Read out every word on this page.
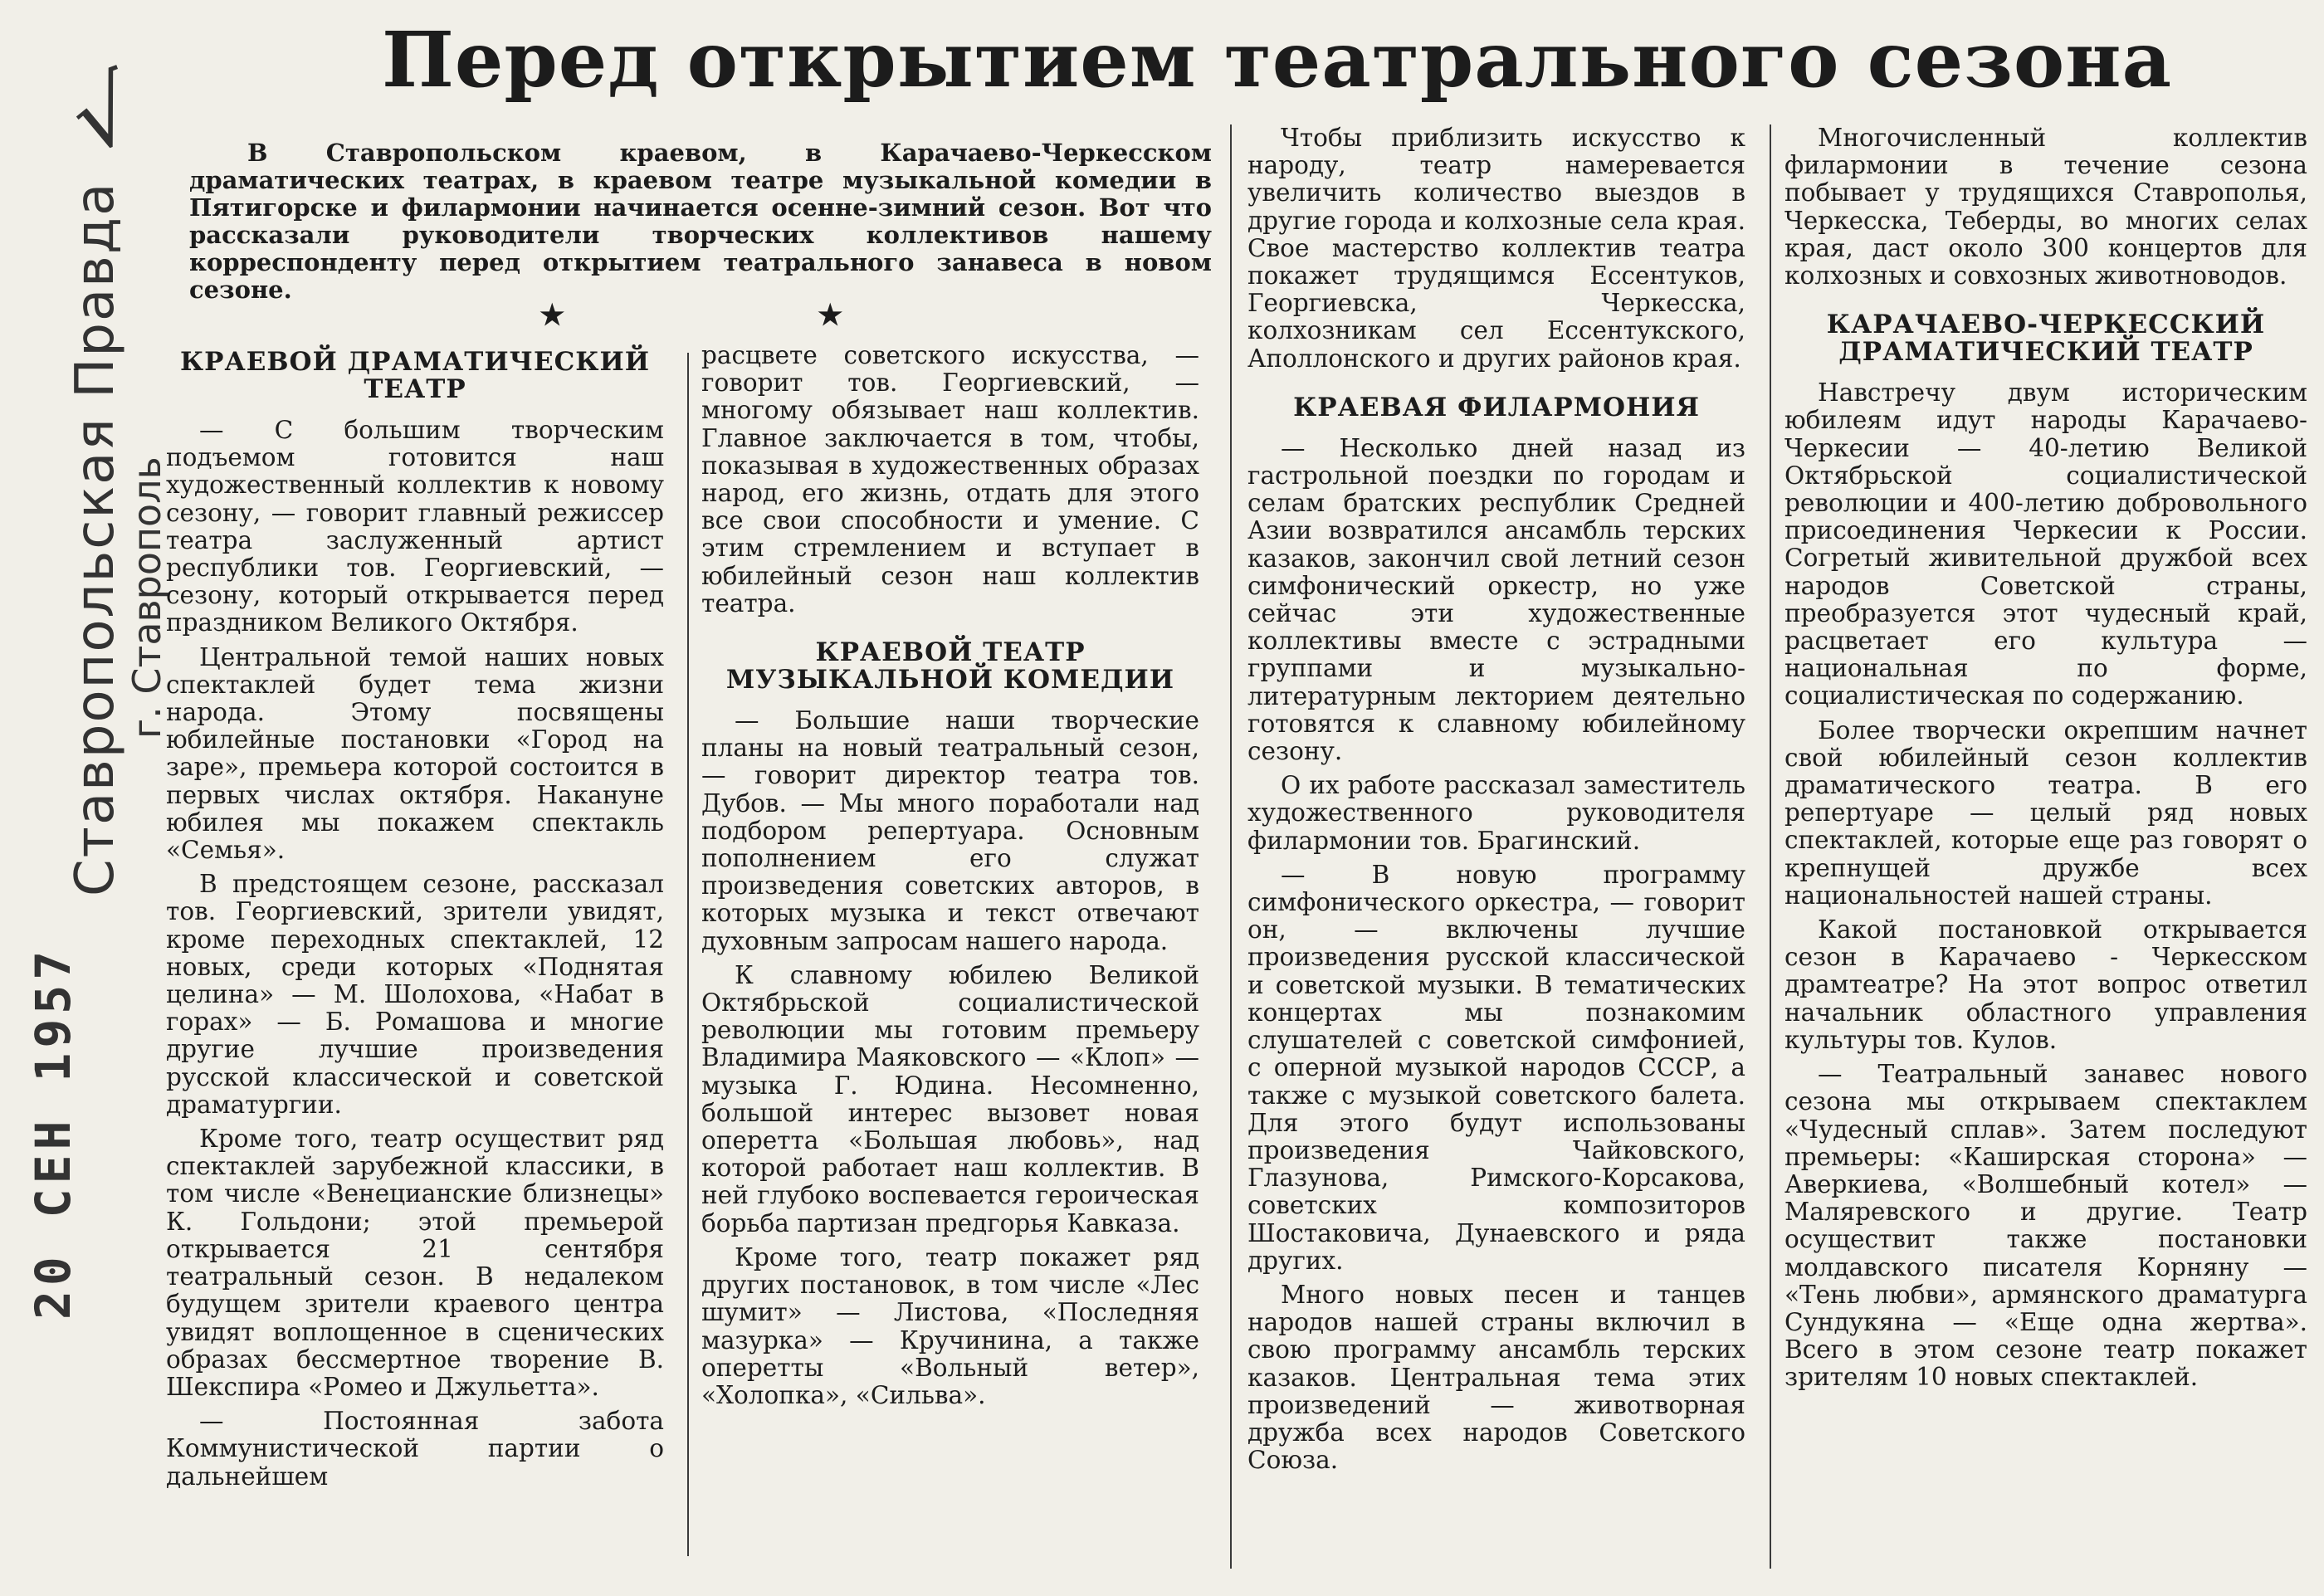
√
Ставропольская Правда
г. Ставрополь
20 СЕН 1957
Перед открытием театрального сезона
В Ставропольском краевом, в Карачаево-Черкесском драматических театрах, в краевом театре музыкальной комедии в Пятигорске и филармонии начинается осенне-зимний сезон. Вот что рассказали руководители творческих коллективов нашему корреспонденту перед открытием театрального занавеса в новом сезоне.
★	★
КРАЕВОЙ ДРАМАТИЧЕСКИЙ ТЕАТР

— С большим творческим подъемом готовится наш художественный коллектив к новому сезону, — говорит главный режиссер театра заслуженный артист республики тов. Георгиевский, — сезону, который открывается перед праздником Великого Октября.

Центральной темой наших новых спектаклей будет тема жизни народа. Этому посвящены юбилейные постановки «Город на заре», премьера которой состоится в первых числах октября. Накануне юбилея мы покажем спектакль «Семья».

В предстоящем сезоне, рассказал тов. Георгиевский, зрители увидят, кроме переходных спектаклей, 12 новых, среди которых «Поднятая целина» — М. Шолохова, «Набат в горах» — Б. Ромашова и многие другие лучшие произведения русской классической и советской драматургии.

Кроме того, театр осуществит ряд спектаклей зарубежной классики, в том числе «Венецианские близнецы» К. Гольдони; этой премьерой открывается 21 сентября театральный сезон. В недалеком будущем зрители краевого центра увидят воплощенное в сценических образах бессмертное творение В. Шекспира «Ромео и Джульетта».

— Постоянная забота Коммунистической партии о дальнейшем

расцвете советского искусства, — говорит тов. Георгиевский, — многому обязывает наш коллектив. Главное заключается в том, чтобы, показывая в художественных образах народ, его жизнь, отдать для этого все свои способности и умение. С этим стремлением и вступает в юбилейный сезон наш коллектив театра.

КРАЕВОЙ ТЕАТР МУЗЫКАЛЬНОЙ КОМЕДИИ

— Большие наши творческие планы на новый театральный сезон, — говорит директор театра тов. Дубов. — Мы много поработали над подбором репертуара. Основным пополнением его служат произведения советских авторов, в которых музыка и текст отвечают духовным запросам нашего народа.

К славному юбилею Великой Октябрьской социалистической революции мы готовим премьеру Владимира Маяковского — «Клоп» — музыка Г. Юдина. Несомненно, большой интерес вызовет новая оперетта «Большая любовь», над которой работает наш коллектив. В ней глубоко воспевается героическая борьба партизан предгорья Кавказа.

Кроме того, театр покажет ряд других постановок, в том числе «Лес шумит» — Листова, «Последняя мазурка» — Кручинина, а также оперетты «Вольный ветер», «Холопка», «Сильва».

Чтобы приблизить искусство к народу, театр намеревается увеличить количество выездов в другие города и колхозные села края. Свое мастерство коллектив театра покажет трудящимся Ессентуков, Георгиевска, Черкесска, колхозникам сел Ессентукского, Аполлонского и других районов края.

КРАЕВАЯ ФИЛАРМОНИЯ

— Несколько дней назад из гастрольной поездки по городам и селам братских республик Средней Азии возвратился ансамбль терских казаков, закончил свой летний сезон симфонический оркестр, но уже сейчас эти художественные коллективы вместе с эстрадными группами и музыкально-литературным лекторием деятельно готовятся к славному юбилейному сезону.

О их работе рассказал заместитель художественного руководителя филармонии тов. Брагинский.

— В новую программу симфонического оркестра, — говорит он, — включены лучшие произведения русской классической и советской музыки. В тематических концертах мы познакомим слушателей с советской симфонией, с оперной музыкой народов СССР, а также с музыкой советского балета. Для этого будут использованы произведения Чайковского, Глазунова, Римского-Корсакова, советских композиторов Шостаковича, Дунаевского и ряда других.

Много новых песен и танцев народов нашей страны включил в свою программу ансамбль терских казаков. Центральная тема этих произведений — животворная дружба всех народов Советского Союза.

Многочисленный коллектив филармонии в течение сезона побывает у трудящихся Ставрополья, Черкесска, Теберды, во многих селах края, даст около 300 концертов для колхозных и совхозных животноводов.

КАРАЧАЕВО-ЧЕРКЕССКИЙ ДРАМАТИЧЕСКИЙ ТЕАТР

Навстречу двум историческим юбилеям идут народы Карачаево-Черкесии — 40-летию Великой Октябрьской социалистической революции и 400-летию добровольного присоединения Черкесии к России. Согретый живительной дружбой всех народов Советской страны, преобразуется этот чудесный край, расцветает его культура — национальная по форме, социалистическая по содержанию.

Более творчески окрепшим начнет свой юбилейный сезон коллектив драматического театра. В его репертуаре — целый ряд новых спектаклей, которые еще раз говорят о крепнущей дружбе всех национальностей нашей страны.

Какой постановкой открывается сезон в Карачаево - Черкесском драмтеатре? На этот вопрос ответил начальник областного управления культуры тов. Кулов.

— Театральный занавес нового сезона мы открываем спектаклем «Чудесный сплав». Затем последуют премьеры: «Каширская сторона» — Аверкиева, «Волшебный котел» — Маляревского и другие. Театр осуществит также постановки молдавского писателя Корняну — «Тень любви», армянского драматурга Сундукяна — «Еще одна жертва». Всего в этом сезоне театр покажет зрителям 10 новых спектаклей.
